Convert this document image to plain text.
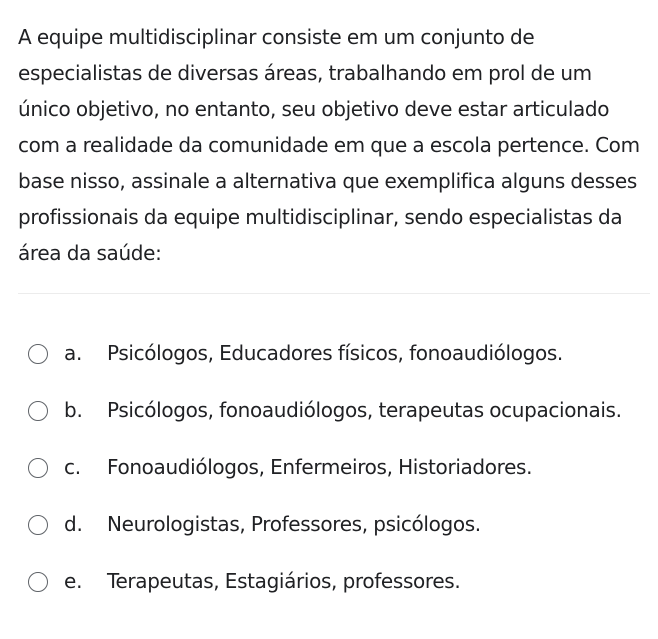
A equipe multidisciplinar consiste em um conjunto de especialistas de diversas áreas, trabalhando em prol de um único objetivo, no entanto, seu objetivo deve estar articulado com a realidade da comunidade em que a escola pertence. Com base nisso, assinale a alternativa que exemplifica alguns desses profissionais da equipe multidisciplinar, sendo especialistas da área da saúde:

a. Psicólogos, Educadores físicos, fonoaudiólogos.
b. Psicólogos, fonoaudiólogos, terapeutas ocupacionais.
c. Fonoaudiólogos, Enfermeiros, Historiadores.
d. Neurologistas, Professores, psicólogos.
e. Terapeutas, Estagiários, professores.
